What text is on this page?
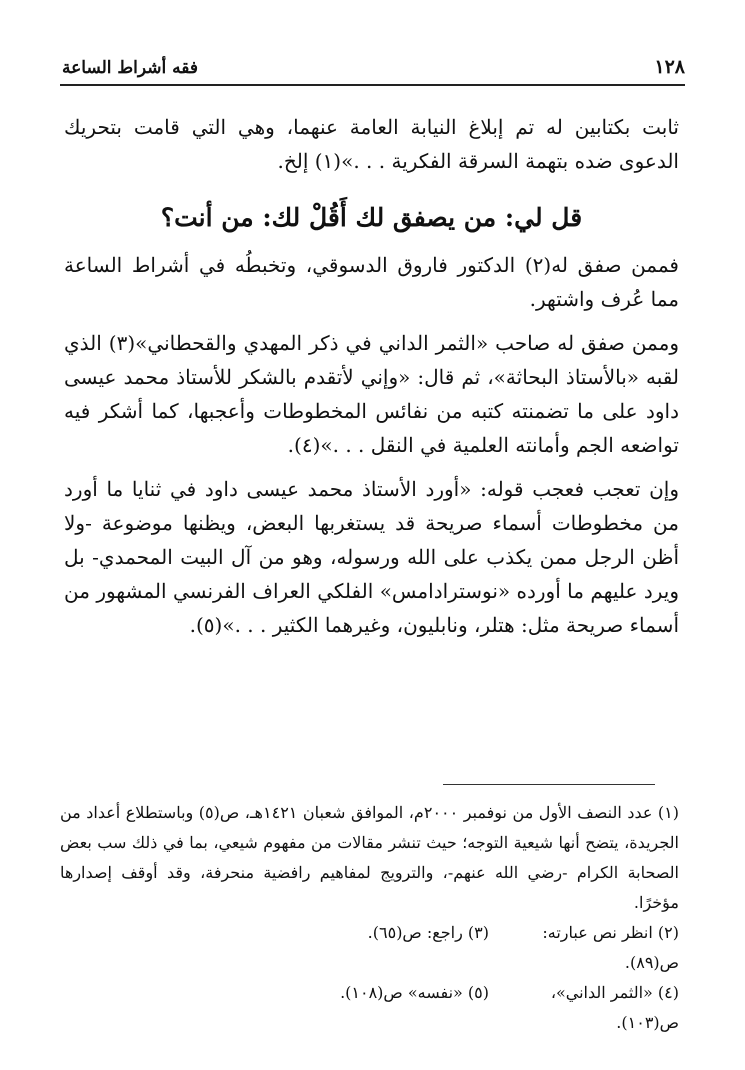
١٢٨
فقه أشراط الساعة

ثابت بكتابين له تم إبلاغ النيابة العامة عنهما، وهي التي قامت بتحريك الدعوى ضده بتهمة السرقة الفكرية . . .»(١) إلخ.

قل لي: من يصفق لك أَقُلْ لك: من أنت؟

فممن صفق له(٢) الدكتور فاروق الدسوقي، وتخبطُه في أشراط الساعة مما عُرف واشتهر.

وممن صفق له صاحب «الثمر الداني في ذكر المهدي والقحطاني»(٣) الذي لقبه «بالأستاذ البحاثة»، ثم قال: «وإني لأتقدم بالشكر للأستاذ محمد عيسى داود على ما تضمنته كتبه من نفائس المخطوطات وأعجبها، كما أشكر فيه تواضعه الجم وأمانته العلمية في النقل . . .»(٤).

وإن تعجب فعجب قوله: «أورد الأستاذ محمد عيسى داود في ثنايا ما أورد من مخطوطات أسماء صريحة قد يستغربها البعض، ويظنها موضوعة -ولا أظن الرجل ممن يكذب على الله ورسوله، وهو من آل البيت المحمدي- بل ويرد عليهم ما أورده «نوسترادامس» الفلكي العراف الفرنسي المشهور من أسماء صريحة مثل: هتلر، ونابليون، وغيرهما الكثير . . .»(٥).

(١) عدد النصف الأول من نوفمبر ٢٠٠٠م، الموافق شعبان ١٤٢١هـ، ص(٥) وباستطلاع أعداد من الجريدة، يتضح أنها شيعية التوجه؛ حيث تنشر مقالات من مفهوم شيعي، بما في ذلك سب بعض الصحابة الكرام -رضي الله عنهم-، والترويج لمفاهيم رافضية منحرفة، وقد أوقف إصدارها مؤخرًا.
(٢) انظر نص عبارته: ص(٨٩).
(٣) راجع: ص(٦٥).
(٤) «الثمر الداني»، ص(١٠٣).
(٥) «نفسه» ص(١٠٨).
